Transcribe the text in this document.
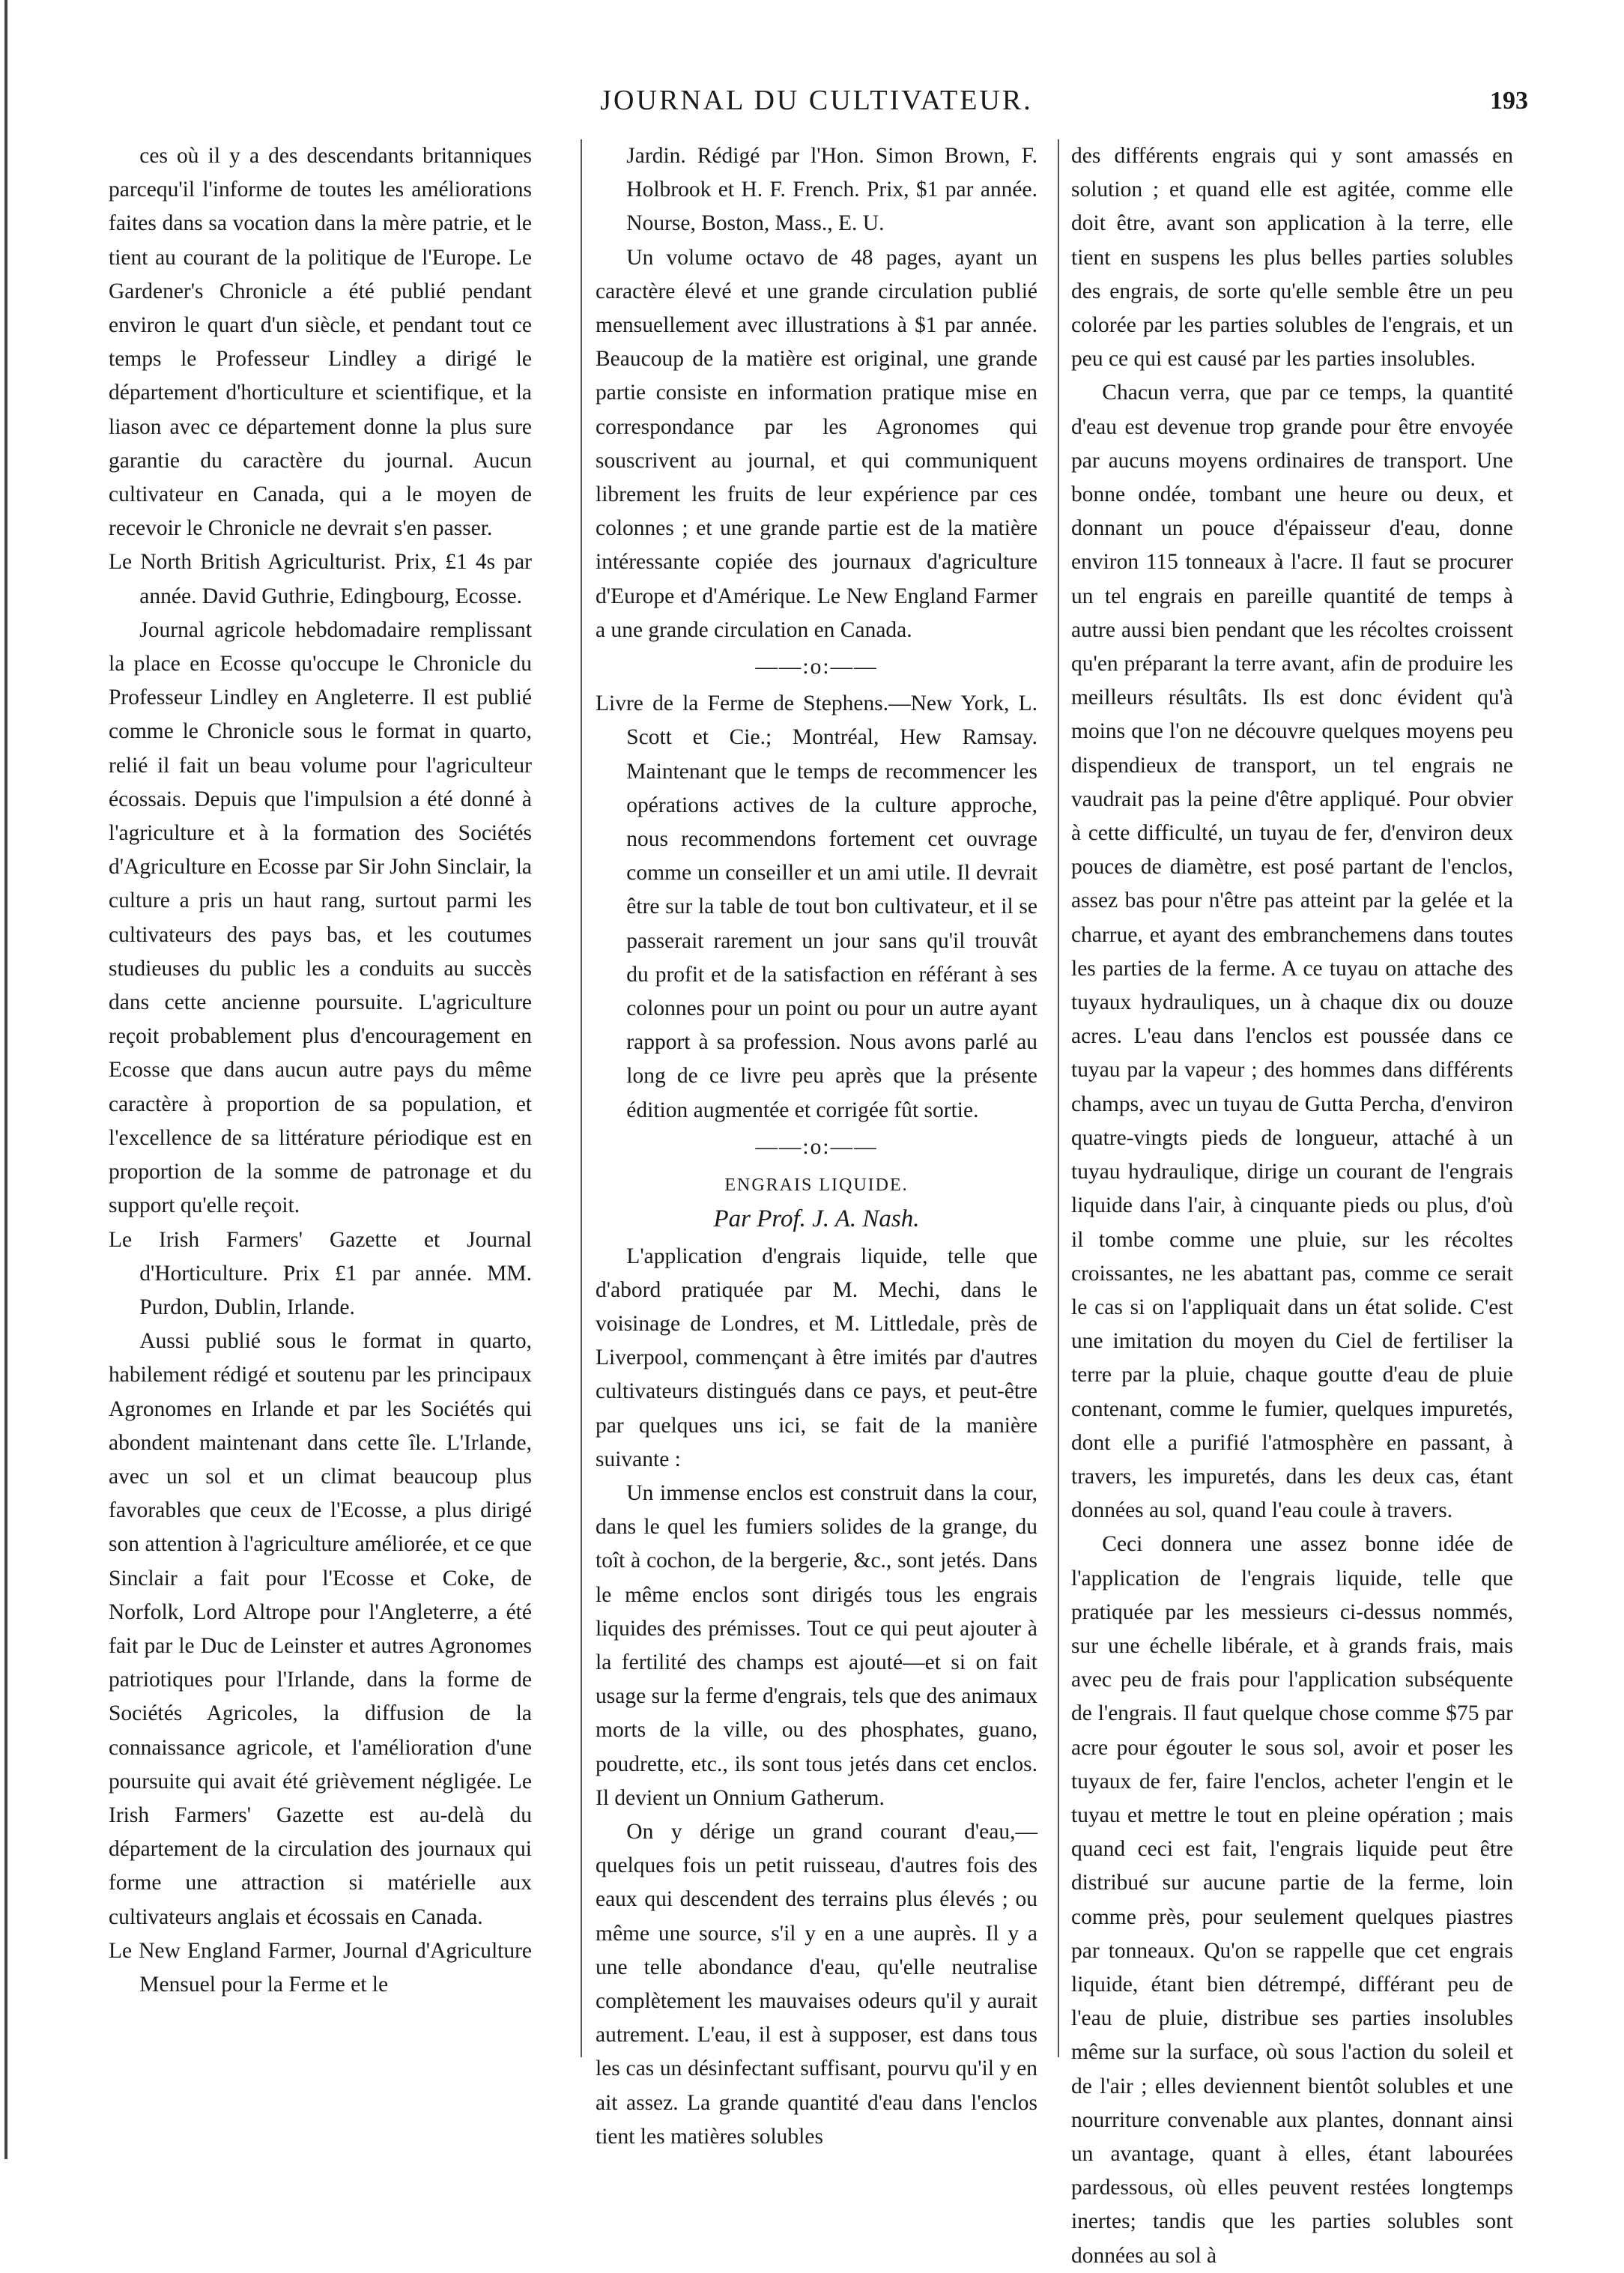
JOURNAL DU CULTIVATEUR.	193

ces où il y a des descendants britanniques parcequ'il l'informe de toutes les améliorations faites dans sa vocation dans la mère patrie, et le tient au courant de la politique de l'Europe. Le Gardener's Chronicle a été publié pendant environ le quart d'un siècle, et pendant tout ce temps le Professeur Lindley a dirigé le département d'horticulture et scientifique, et la liason avec ce département donne la plus sure garantie du caractère du journal. Aucun cultivateur en Canada, qui a le moyen de recevoir le Chronicle ne devrait s'en passer.

Le North British Agriculturist. Prix, £1 4s par année. David Guthrie, Edingbourg, Ecosse.

Journal agricole hebdomadaire remplissant la place en Ecosse qu'occupe le Chronicle du Professeur Lindley en Angleterre. Il est publié comme le Chronicle sous le format in quarto, relié il fait un beau volume pour l'agriculteur écossais. Depuis que l'impulsion a été donné à l'agriculture et à la formation des Sociétés d'Agriculture en Ecosse par Sir John Sinclair, la culture a pris un haut rang, surtout parmi les cultivateurs des pays bas, et les coutumes studieuses du public les a conduits au succès dans cette ancienne poursuite. L'agriculture reçoit probablement plus d'encouragement en Ecosse que dans aucun autre pays du même caractère à proportion de sa population, et l'excellence de sa littérature périodique est en proportion de la somme de patronage et du support qu'elle reçoit.

Le Irish Farmers' Gazette et Journal d'Horticulture. Prix £1 par année. MM. Purdon, Dublin, Irlande.

Aussi publié sous le format in quarto, habilement rédigé et soutenu par les principaux Agronomes en Irlande et par les Sociétés qui abondent maintenant dans cette île. L'Irlande, avec un sol et un climat beaucoup plus favorables que ceux de l'Ecosse, a plus dirigé son attention à l'agriculture améliorée, et ce que Sinclair a fait pour l'Ecosse et Coke, de Norfolk, Lord Altrope pour l'Angleterre, a été fait par le Duc de Leinster et autres Agronomes patriotiques pour l'Irlande, dans la forme de Sociétés Agricoles, la diffusion de la connaissance agricole, et l'amélioration d'une poursuite qui avait été grièvement négligée. Le Irish Farmers' Gazette est au-delà du département de la circulation des journaux qui forme une attraction si matérielle aux cultivateurs anglais et écossais en Canada.

Le New England Farmer, Journal d'Agriculture Mensuel pour la Ferme et le

Jardin. Rédigé par l'Hon. Simon Brown, F. Holbrook et H. F. French. Prix, $1 par année. Nourse, Boston, Mass., E. U.

Un volume octavo de 48 pages, ayant un caractère élevé et une grande circulation publié mensuellement avec illustrations à $1 par année. Beaucoup de la matière est original, une grande partie consiste en information pratique mise en correspondance par les Agronomes qui souscrivent au journal, et qui communiquent librement les fruits de leur expérience par ces colonnes ; et une grande partie est de la matière intéressante copiée des journaux d'agriculture d'Europe et d'Amérique. Le New England Farmer a une grande circulation en Canada.

——:o:——

Livre de la Ferme de Stephens.—New York, L. Scott et Cie.; Montréal, Hew Ramsay. Maintenant que le temps de recommencer les opérations actives de la culture approche, nous recommendons fortement cet ouvrage comme un conseiller et un ami utile. Il devrait être sur la table de tout bon cultivateur, et il se passerait rarement un jour sans qu'il trouvât du profit et de la satisfaction en référant à ses colonnes pour un point ou pour un autre ayant rapport à sa profession. Nous avons parlé au long de ce livre peu après que la présente édition augmentée et corrigée fût sortie.

——:o:——
ENGRAIS LIQUIDE.
Par Prof. J. A. Nash.

L'application d'engrais liquide, telle que d'abord pratiquée par M. Mechi, dans le voisinage de Londres, et M. Littledale, près de Liverpool, commençant à être imités par d'autres cultivateurs distingués dans ce pays, et peut-être par quelques uns ici, se fait de la manière suivante :

Un immense enclos est construit dans la cour, dans le quel les fumiers solides de la grange, du toît à cochon, de la bergerie, &c., sont jetés. Dans le même enclos sont dirigés tous les engrais liquides des prémisses. Tout ce qui peut ajouter à la fertilité des champs est ajouté—et si on fait usage sur la ferme d'engrais, tels que des animaux morts de la ville, ou des phosphates, guano, poudrette, etc., ils sont tous jetés dans cet enclos. Il devient un Onnium Gatherum.

On y dérige un grand courant d'eau,—quelques fois un petit ruisseau, d'autres fois des eaux qui descendent des terrains plus élevés ; ou même une source, s'il y en a une auprès. Il y a une telle abondance d'eau, qu'elle neutralise complètement les mauvaises odeurs qu'il y aurait autrement. L'eau, il est à supposer, est dans tous les cas un désinfectant suffisant, pourvu qu'il y en ait assez. La grande quantité d'eau dans l'enclos tient les matières solubles

des différents engrais qui y sont amassés en solution ; et quand elle est agitée, comme elle doit être, avant son application à la terre, elle tient en suspens les plus belles parties solubles des engrais, de sorte qu'elle semble être un peu colorée par les parties solubles de l'engrais, et un peu ce qui est causé par les parties insolubles.

Chacun verra, que par ce temps, la quantité d'eau est devenue trop grande pour être envoyée par aucuns moyens ordinaires de transport. Une bonne ondée, tombant une heure ou deux, et donnant un pouce d'épaisseur d'eau, donne environ 115 tonneaux à l'acre. Il faut se procurer un tel engrais en pareille quantité de temps à autre aussi bien pendant que les récoltes croissent qu'en préparant la terre avant, afin de produire les meilleurs résultâts. Ils est donc évident qu'à moins que l'on ne découvre quelques moyens peu dispendieux de transport, un tel engrais ne vaudrait pas la peine d'être appliqué. Pour obvier à cette difficulté, un tuyau de fer, d'environ deux pouces de diamètre, est posé partant de l'enclos, assez bas pour n'être pas atteint par la gelée et la charrue, et ayant des embranchemens dans toutes les parties de la ferme. A ce tuyau on attache des tuyaux hydrauliques, un à chaque dix ou douze acres. L'eau dans l'enclos est poussée dans ce tuyau par la vapeur ; des hommes dans différents champs, avec un tuyau de Gutta Percha, d'environ quatre-vingts pieds de longueur, attaché à un tuyau hydraulique, dirige un courant de l'engrais liquide dans l'air, à cinquante pieds ou plus, d'où il tombe comme une pluie, sur les récoltes croissantes, ne les abattant pas, comme ce serait le cas si on l'appliquait dans un état solide. C'est une imitation du moyen du Ciel de fertiliser la terre par la pluie, chaque goutte d'eau de pluie contenant, comme le fumier, quelques impuretés, dont elle a purifié l'atmosphère en passant, à travers, les impuretés, dans les deux cas, étant données au sol, quand l'eau coule à travers.

Ceci donnera une assez bonne idée de l'application de l'engrais liquide, telle que pratiquée par les messieurs ci-dessus nommés, sur une échelle libérale, et à grands frais, mais avec peu de frais pour l'application subséquente de l'engrais. Il faut quelque chose comme $75 par acre pour égouter le sous sol, avoir et poser les tuyaux de fer, faire l'enclos, acheter l'engin et le tuyau et mettre le tout en pleine opération ; mais quand ceci est fait, l'engrais liquide peut être distribué sur aucune partie de la ferme, loin comme près, pour seulement quelques piastres par tonneaux. Qu'on se rappelle que cet engrais liquide, étant bien détrempé, différant peu de l'eau de pluie, distribue ses parties insolubles même sur la surface, où sous l'action du soleil et de l'air ; elles deviennent bientôt solubles et une nourriture convenable aux plantes, donnant ainsi un avantage, quant à elles, étant labourées pardessous, où elles peuvent restées longtemps inertes; tandis que les parties solubles sont données au sol à
